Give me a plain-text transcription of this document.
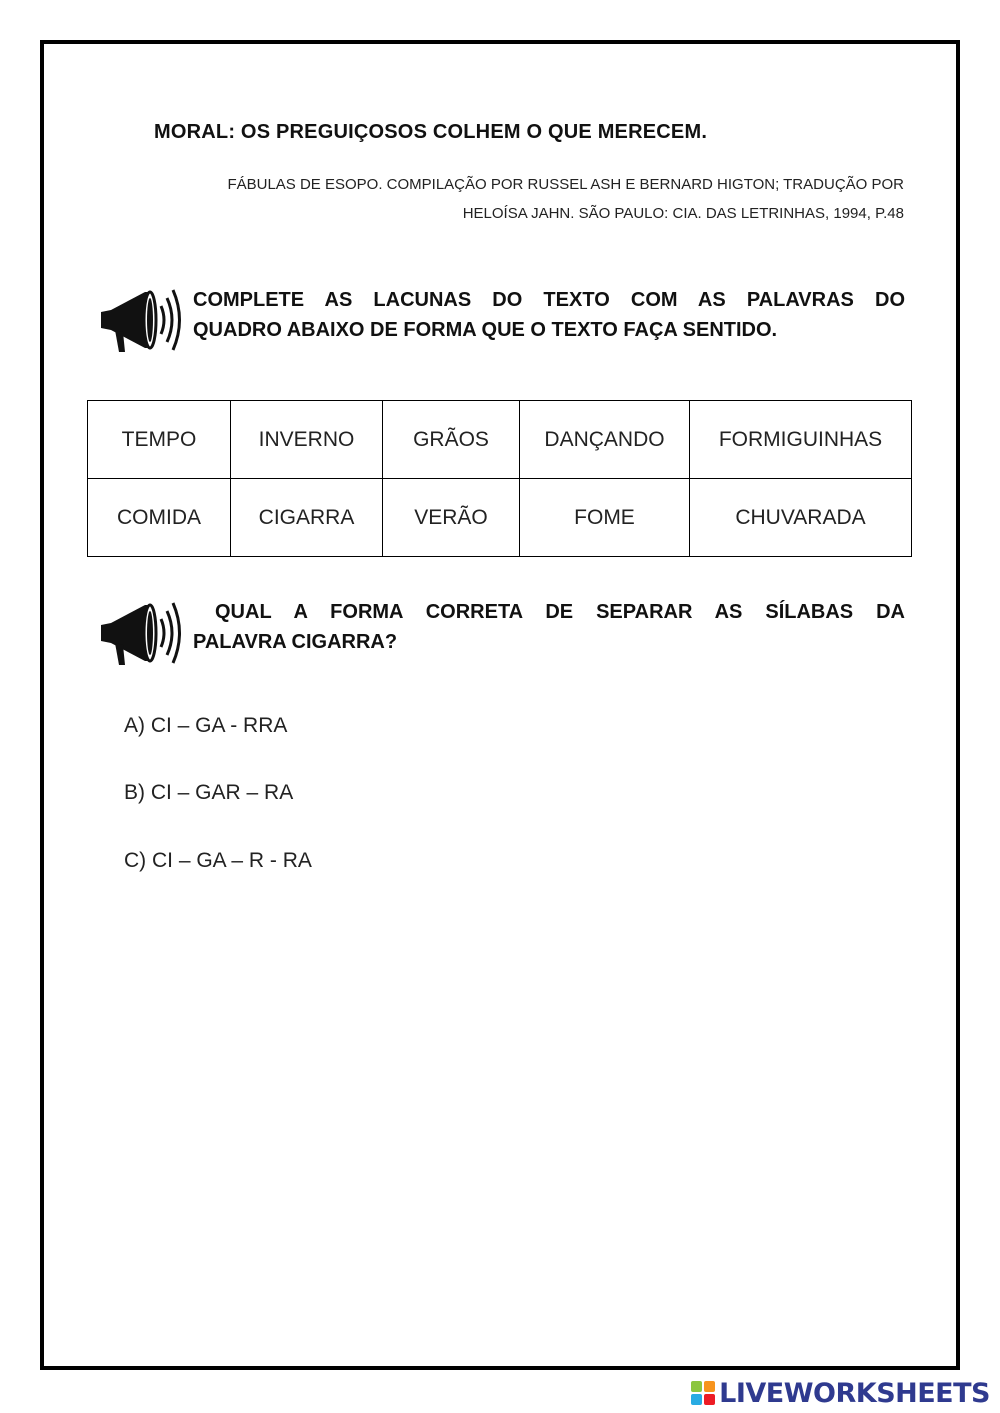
MORAL: OS PREGUIÇOSOS COLHEM O QUE MERECEM.
FÁBULAS DE ESOPO. COMPILAÇÃO POR RUSSEL ASH E BERNARD HIGTON; TRADUÇÃO POR
HELOÍSA JAHN. SÃO PAULO: CIA. DAS LETRINHAS, 1994, P.48
COMPLETE AS LACUNAS DO TEXTO COM AS PALAVRAS DO
QUADRO ABAIXO DE FORMA QUE O TEXTO FAÇA SENTIDO.
TEMPO	INVERNO	GRÃOS	DANÇANDO	FORMIGUINHAS
COMIDA	CIGARRA	VERÃO	FOME	CHUVARADA
QUAL A FORMA CORRETA DE SEPARAR AS SÍLABAS DA
PALAVRA CIGARRA?
A) CI – GA - RRA
B) CI – GAR – RA
C) CI – GA – R - RA
LIVEWORKSHEETS
